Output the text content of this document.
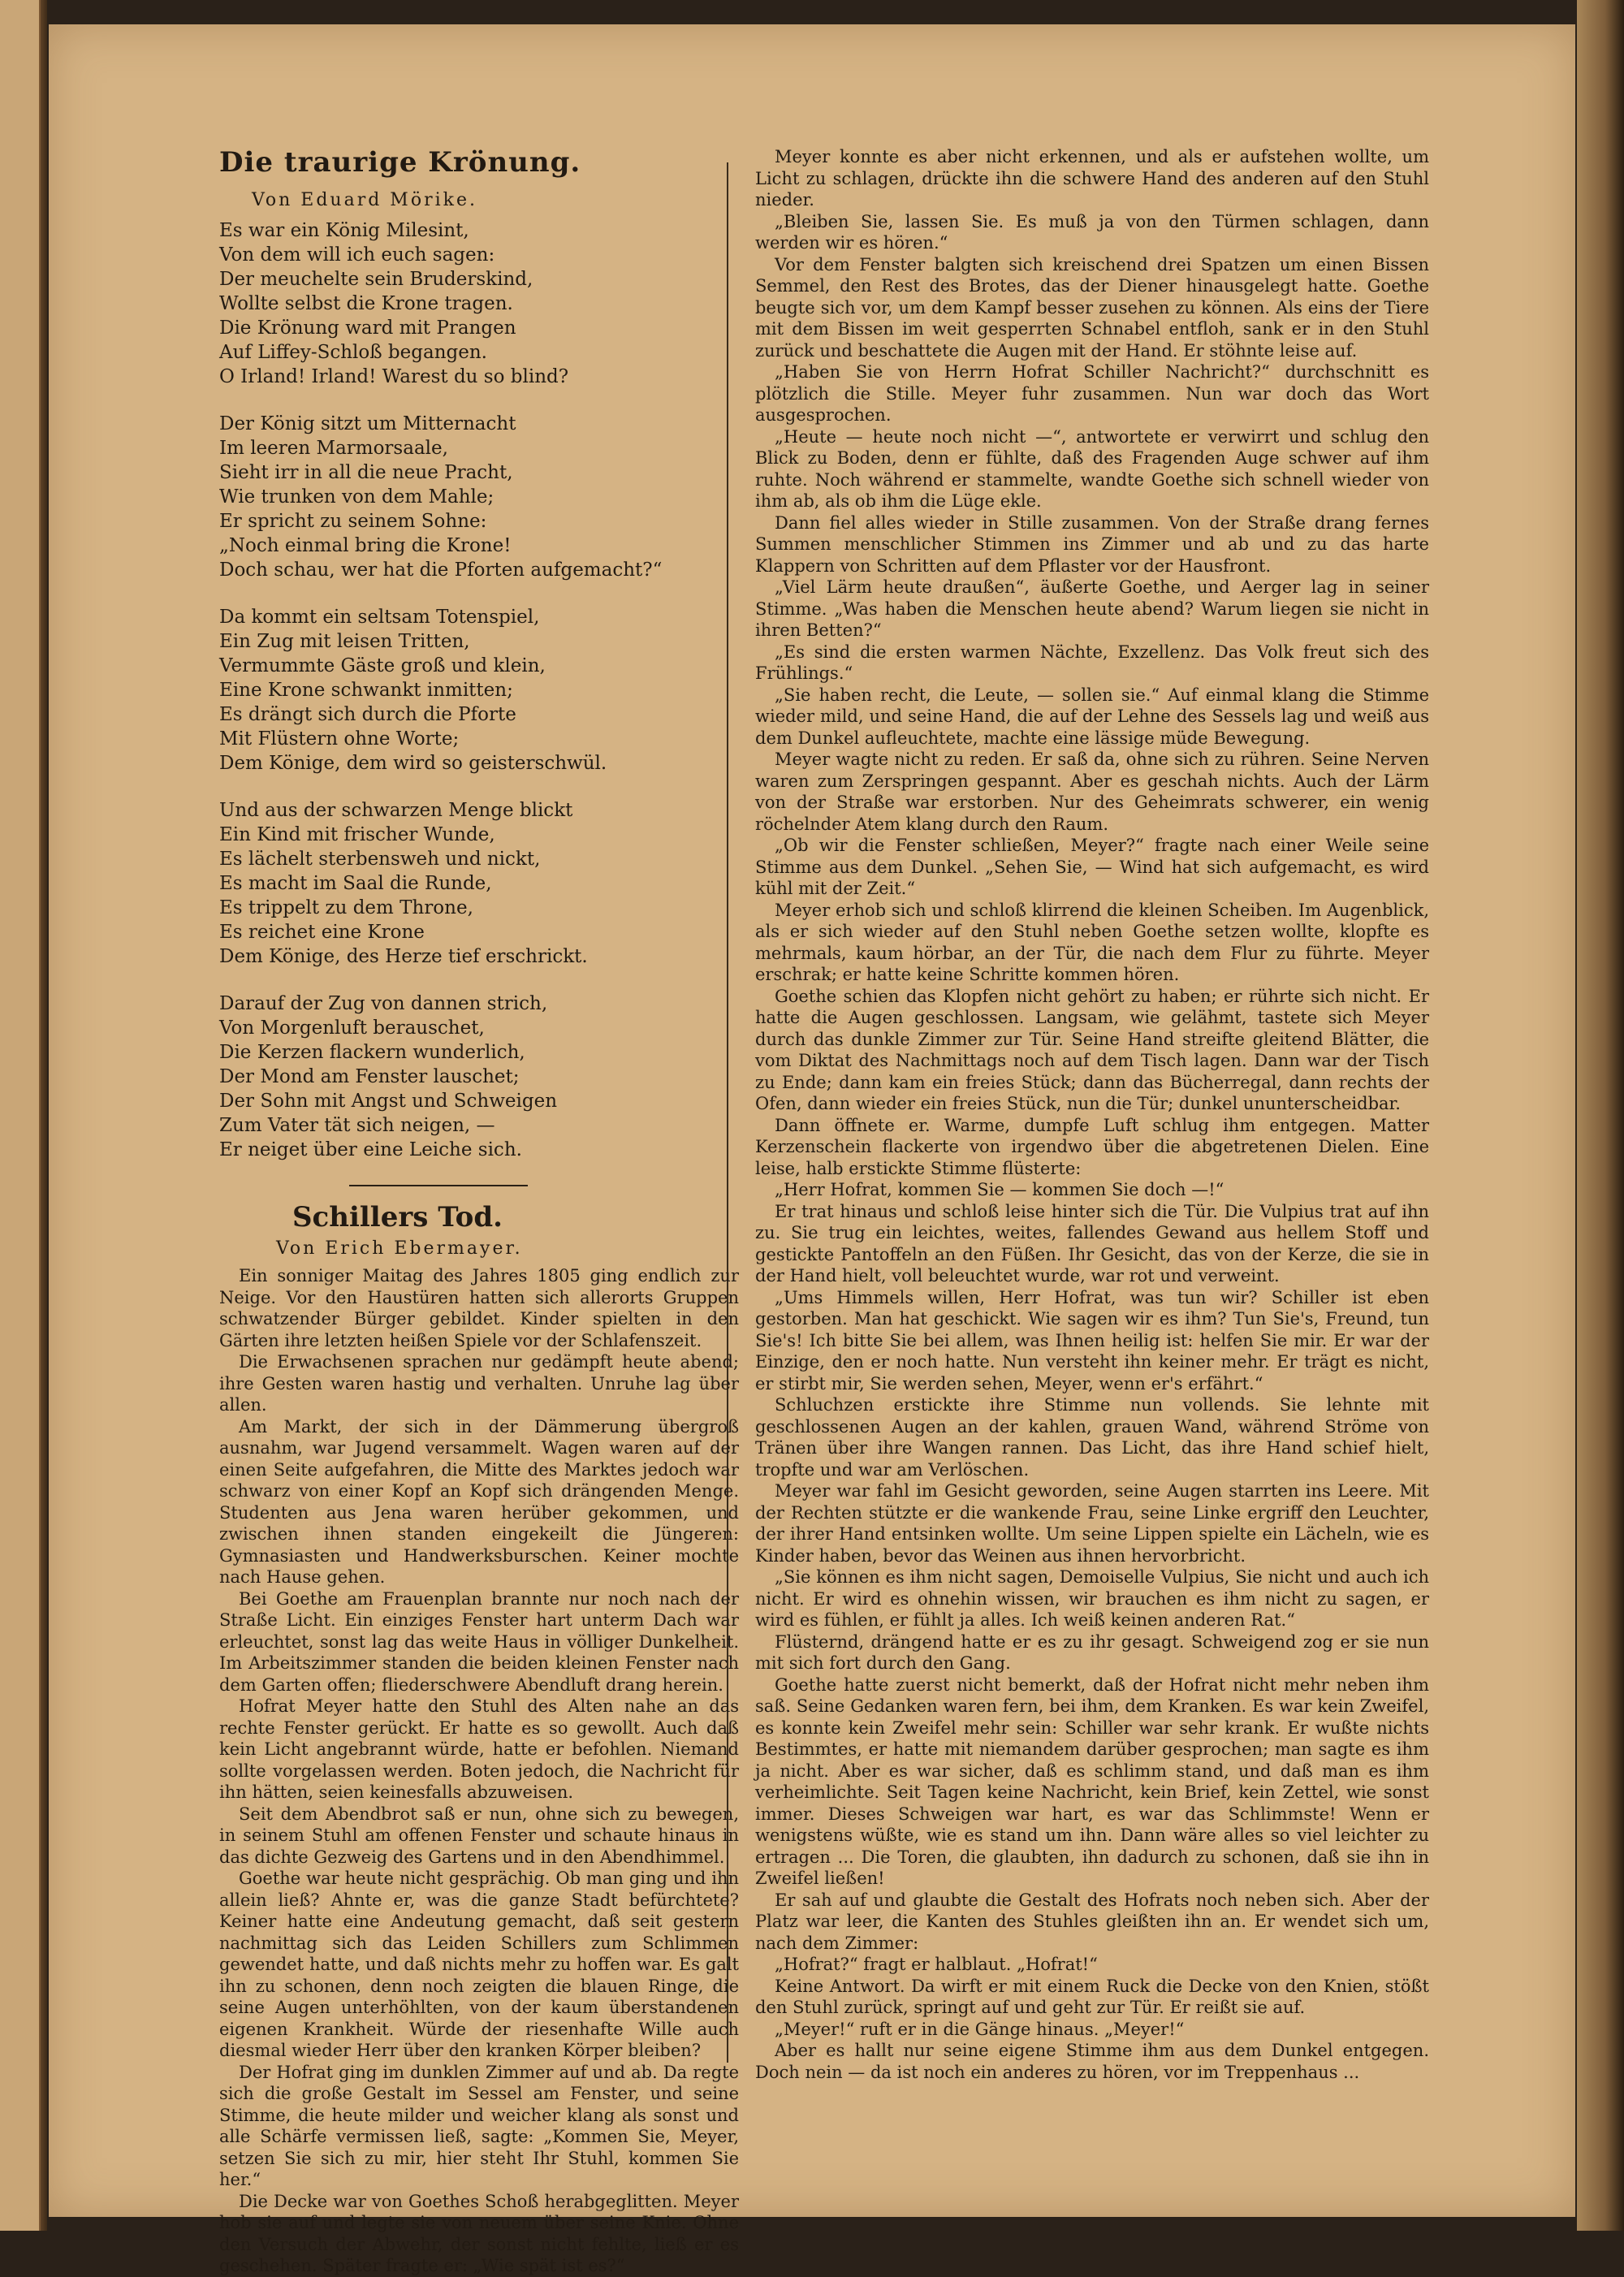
Die traurige Krönung.
Von Eduard Mörike.
Es war ein König Milesint,
Von dem will ich euch sagen:
Der meuchelte sein Bruderskind,
Wollte selbst die Krone tragen.
Die Krönung ward mit Prangen
Auf Liffey-Schloß begangen.
O Irland! Irland! Warest du so blind?
Der König sitzt um Mitternacht
Im leeren Marmorsaale,
Sieht irr in all die neue Pracht,
Wie trunken von dem Mahle;
Er spricht zu seinem Sohne:
„Noch einmal bring die Krone!
Doch schau, wer hat die Pforten aufgemacht?“
Da kommt ein seltsam Totenspiel,
Ein Zug mit leisen Tritten,
Vermummte Gäste groß und klein,
Eine Krone schwankt inmitten;
Es drängt sich durch die Pforte
Mit Flüstern ohne Worte;
Dem Könige, dem wird so geisterschwül.
Und aus der schwarzen Menge blickt
Ein Kind mit frischer Wunde,
Es lächelt sterbensweh und nickt,
Es macht im Saal die Runde,
Es trippelt zu dem Throne,
Es reichet eine Krone
Dem Könige, des Herze tief erschrickt.
Darauf der Zug von dannen strich,
Von Morgenluft berauschet,
Die Kerzen flackern wunderlich,
Der Mond am Fenster lauschet;
Der Sohn mit Angst und Schweigen
Zum Vater tät sich neigen, —
Er neiget über eine Leiche sich.
Schillers Tod.
Von Erich Ebermayer.

Ein sonniger Maitag des Jahres 1805 ging endlich zur Neige. Vor den Haustüren hatten sich allerorts Gruppen schwatzender Bürger gebildet. Kinder spielten in den Gärten ihre letzten heißen Spiele vor der Schlafenszeit.

Die Erwachsenen sprachen nur gedämpft heute abend; ihre Gesten waren hastig und verhalten. Unruhe lag über allen.

Am Markt, der sich in der Dämmerung übergroß ausnahm, war Jugend versammelt. Wagen waren auf der einen Seite aufgefahren, die Mitte des Marktes jedoch war schwarz von einer Kopf an Kopf sich drängenden Menge. Studenten aus Jena waren herüber gekommen, und zwischen ihnen standen eingekeilt die Jüngeren: Gymnasiasten und Handwerksburschen. Keiner mochte nach Hause gehen.

Bei Goethe am Frauenplan brannte nur noch nach der Straße Licht. Ein einziges Fenster hart unterm Dach war erleuchtet, sonst lag das weite Haus in völliger Dunkelheit. Im Arbeitszimmer standen die beiden kleinen Fenster nach dem Garten offen; fliederschwere Abendluft drang herein.

Hofrat Meyer hatte den Stuhl des Alten nahe an das rechte Fenster gerückt. Er hatte es so gewollt. Auch daß kein Licht angebrannt würde, hatte er befohlen. Niemand sollte vorgelassen werden. Boten jedoch, die Nachricht für ihn hätten, seien keinesfalls abzuweisen.

Seit dem Abendbrot saß er nun, ohne sich zu bewegen, in seinem Stuhl am offenen Fenster und schaute hinaus in das dichte Gezweig des Gartens und in den Abendhimmel.

Goethe war heute nicht gesprächig. Ob man ging und ihn allein ließ? Ahnte er, was die ganze Stadt befürchtete? Keiner hatte eine Andeutung gemacht, daß seit gestern nachmittag sich das Leiden Schillers zum Schlimmen gewendet hatte, und daß nichts mehr zu hoffen war. Es galt ihn zu schonen, denn noch zeigten die blauen Ringe, die seine Augen unterhöhlten, von der kaum überstandenen eigenen Krankheit. Würde der riesenhafte Wille auch diesmal wieder Herr über den kranken Körper bleiben?

Der Hofrat ging im dunklen Zimmer auf und ab. Da regte sich die große Gestalt im Sessel am Fenster, und seine Stimme, die heute milder und weicher klang als sonst und alle Schärfe vermissen ließ, sagte: „Kommen Sie, Meyer, setzen Sie sich zu mir, hier steht Ihr Stuhl, kommen Sie her.“

Die Decke war von Goethes Schoß herabgeglitten. Meyer hob sie auf und legte sie von neuem über seine Knie. Ohne den Versuch der Abwehr, der sonst nicht fehlte, ließ er es geschehen. Später fragte er: „Wie spät ist es?“

Meyer konnte es aber nicht erkennen, und als er aufstehen wollte, um Licht zu schlagen, drückte ihn die schwere Hand des anderen auf den Stuhl nieder.

„Bleiben Sie, lassen Sie. Es muß ja von den Türmen schlagen, dann werden wir es hören.“

Vor dem Fenster balgten sich kreischend drei Spatzen um einen Bissen Semmel, den Rest des Brotes, das der Diener hinausgelegt hatte. Goethe beugte sich vor, um dem Kampf besser zusehen zu können. Als eins der Tiere mit dem Bissen im weit gesperrten Schnabel entfloh, sank er in den Stuhl zurück und beschattete die Augen mit der Hand. Er stöhnte leise auf.

„Haben Sie von Herrn Hofrat Schiller Nachricht?“ durchschnitt es plötzlich die Stille. Meyer fuhr zusammen. Nun war doch das Wort ausgesprochen.

„Heute — heute noch nicht —“, antwortete er verwirrt und schlug den Blick zu Boden, denn er fühlte, daß des Fragenden Auge schwer auf ihm ruhte. Noch während er stammelte, wandte Goethe sich schnell wieder von ihm ab, als ob ihm die Lüge ekle.

Dann fiel alles wieder in Stille zusammen. Von der Straße drang fernes Summen menschlicher Stimmen ins Zimmer und ab und zu das harte Klappern von Schritten auf dem Pflaster vor der Hausfront.

„Viel Lärm heute draußen“, äußerte Goethe, und Aerger lag in seiner Stimme. „Was haben die Menschen heute abend? Warum liegen sie nicht in ihren Betten?“

„Es sind die ersten warmen Nächte, Exzellenz. Das Volk freut sich des Frühlings.“

„Sie haben recht, die Leute, — sollen sie.“ Auf einmal klang die Stimme wieder mild, und seine Hand, die auf der Lehne des Sessels lag und weiß aus dem Dunkel aufleuchtete, machte eine lässige müde Bewegung.

Meyer wagte nicht zu reden. Er saß da, ohne sich zu rühren. Seine Nerven waren zum Zerspringen gespannt. Aber es geschah nichts. Auch der Lärm von der Straße war erstorben. Nur des Geheimrats schwerer, ein wenig röchelnder Atem klang durch den Raum.

„Ob wir die Fenster schließen, Meyer?“ fragte nach einer Weile seine Stimme aus dem Dunkel. „Sehen Sie, — Wind hat sich aufgemacht, es wird kühl mit der Zeit.“

Meyer erhob sich und schloß klirrend die kleinen Scheiben. Im Augenblick, als er sich wieder auf den Stuhl neben Goethe setzen wollte, klopfte es mehrmals, kaum hörbar, an der Tür, die nach dem Flur zu führte. Meyer erschrak; er hatte keine Schritte kommen hören.

Goethe schien das Klopfen nicht gehört zu haben; er rührte sich nicht. Er hatte die Augen geschlossen. Langsam, wie gelähmt, tastete sich Meyer durch das dunkle Zimmer zur Tür. Seine Hand streifte gleitend Blätter, die vom Diktat des Nachmittags noch auf dem Tisch lagen. Dann war der Tisch zu Ende; dann kam ein freies Stück; dann das Bücherregal, dann rechts der Ofen, dann wieder ein freies Stück, nun die Tür; dunkel ununterscheidbar.

Dann öffnete er. Warme, dumpfe Luft schlug ihm entgegen. Matter Kerzenschein flackerte von irgendwo über die abgetretenen Dielen. Eine leise, halb erstickte Stimme flüsterte:

„Herr Hofrat, kommen Sie — kommen Sie doch —!“

Er trat hinaus und schloß leise hinter sich die Tür. Die Vulpius trat auf ihn zu. Sie trug ein leichtes, weites, fallendes Gewand aus hellem Stoff und gestickte Pantoffeln an den Füßen. Ihr Gesicht, das von der Kerze, die sie in der Hand hielt, voll beleuchtet wurde, war rot und verweint.

„Ums Himmels willen, Herr Hofrat, was tun wir? Schiller ist eben gestorben. Man hat geschickt. Wie sagen wir es ihm? Tun Sie's, Freund, tun Sie's! Ich bitte Sie bei allem, was Ihnen heilig ist: helfen Sie mir. Er war der Einzige, den er noch hatte. Nun versteht ihn keiner mehr. Er trägt es nicht, er stirbt mir, Sie werden sehen, Meyer, wenn er's erfährt.“

Schluchzen erstickte ihre Stimme nun vollends. Sie lehnte mit geschlossenen Augen an der kahlen, grauen Wand, während Ströme von Tränen über ihre Wangen rannen. Das Licht, das ihre Hand schief hielt, tropfte und war am Verlöschen.

Meyer war fahl im Gesicht geworden, seine Augen starrten ins Leere. Mit der Rechten stützte er die wankende Frau, seine Linke ergriff den Leuchter, der ihrer Hand entsinken wollte. Um seine Lippen spielte ein Lächeln, wie es Kinder haben, bevor das Weinen aus ihnen hervorbricht.

„Sie können es ihm nicht sagen, Demoiselle Vulpius, Sie nicht und auch ich nicht. Er wird es ohnehin wissen, wir brauchen es ihm nicht zu sagen, er wird es fühlen, er fühlt ja alles. Ich weiß keinen anderen Rat.“

Flüsternd, drängend hatte er es zu ihr gesagt. Schweigend zog er sie nun mit sich fort durch den Gang.

Goethe hatte zuerst nicht bemerkt, daß der Hofrat nicht mehr neben ihm saß. Seine Gedanken waren fern, bei ihm, dem Kranken. Es war kein Zweifel, es konnte kein Zweifel mehr sein: Schiller war sehr krank. Er wußte nichts Bestimmtes, er hatte mit niemandem darüber gesprochen; man sagte es ihm ja nicht. Aber es war sicher, daß es schlimm stand, und daß man es ihm verheimlichte. Seit Tagen keine Nachricht, kein Brief, kein Zettel, wie sonst immer. Dieses Schweigen war hart, es war das Schlimmste! Wenn er wenigstens wüßte, wie es stand um ihn. Dann wäre alles so viel leichter zu ertragen ... Die Toren, die glaubten, ihn dadurch zu schonen, daß sie ihn in Zweifel ließen!

Er sah auf und glaubte die Gestalt des Hofrats noch neben sich. Aber der Platz war leer, die Kanten des Stuhles gleißten ihn an. Er wendet sich um, nach dem Zimmer:

„Hofrat?“ fragt er halblaut. „Hofrat!“

Keine Antwort. Da wirft er mit einem Ruck die Decke von den Knien, stößt den Stuhl zurück, springt auf und geht zur Tür. Er reißt sie auf.

„Meyer!“ ruft er in die Gänge hinaus. „Meyer!“

Aber es hallt nur seine eigene Stimme ihm aus dem Dunkel entgegen. Doch nein — da ist noch ein anderes zu hören, vor im Treppenhaus ...
